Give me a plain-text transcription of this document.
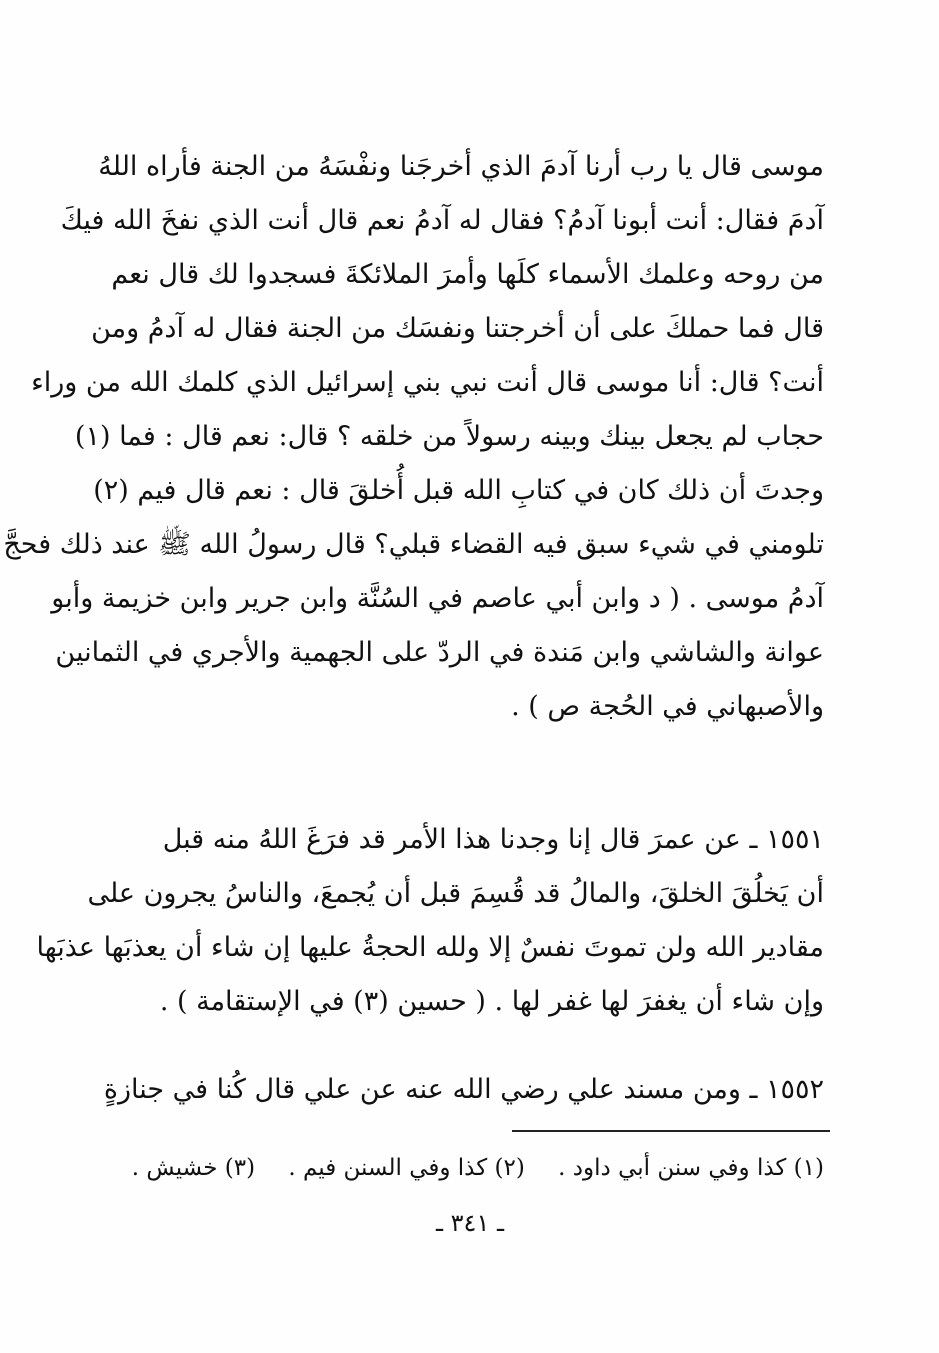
موسى قال يا رب أرنا آدمَ الذي أخرجَنا ونفْسَهُ من الجنة فأراه اللهُ
آدمَ فقال: أنت أبونا آدمُ؟ فقال له آدمُ نعم قال أنت الذي نفخَ الله فيكَ
من روحه وعلمك الأسماء كلَها وأمرَ الملائكةَ فسجدوا لك قال نعم
قال فما حملكَ على أن أخرجتنا ونفسَك من الجنة فقال له آدمُ ومن
أنت؟ قال: أنا موسى قال أنت نبي بني إسرائيل الذي كلمك الله من وراء
حجاب لم يجعل بينك وبينه رسولاً من خلقه ؟ قال: نعم قال : فما (١)
وجدتَ أن ذلك كان في كتابِ الله قبل أُخلقَ قال : نعم قال فيم (٢)
تلومني في شيء سبق فيه القضاء قبلي؟ قال رسولُ الله ﷺ عند ذلك فحجَّ
آدمُ موسى . ( د وابن أبي عاصم في السُنَّة وابن جرير وابن خزيمة وأبو
عوانة والشاشي وابن مَندة في الردّ على الجهمية والأجري في الثمانين
والأصبهاني في الحُجة ص ) .
١٥٥١ ـ عن عمرَ قال إنا وجدنا هذا الأمر قد فرَغَ اللهُ منه قبل
أن يَخلُقَ الخلقَ، والمالُ قد قُسِمَ قبل أن يُجمعَ، والناسُ يجرون على
مقادير الله ولن تموتَ نفسٌ إلا ولله الحجةُ عليها إن شاء أن يعذبَها عذبَها
وإن شاء أن يغفرَ لها غفر لها . ( حسين (٣) في الإستقامة ) .
١٥٥٢ ـ ومن مسند علي رضي الله عنه عن علي قال كُنا في جنازةٍ
(١) كذا وفي سنن أبي داود . (٢) كذا وفي السنن فيم . (٣) خشيش .
ـ ٣٤١ ـ
